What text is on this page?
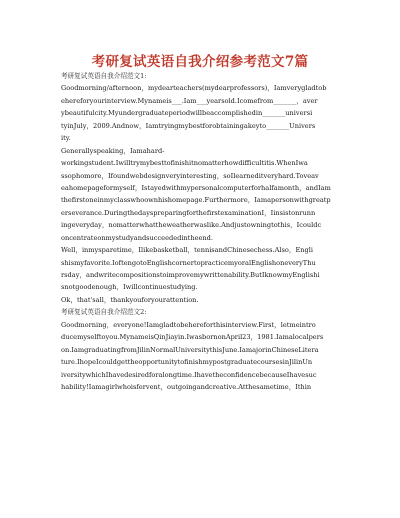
考研复试英语自我介绍参考范文7篇
考研复试英语自我介绍范文1:
Goodmorning/afternoon，mydearteachers(mydearprofessors)，Iamverygladtob
ehereforyourinterview.Mynameis___.Iam___yearsold.Icomefrom_______，aver
ybeautifulcity.Myundergraduateperiodwillbeaccomplishedin_______universi
tyinJuly，2009.Andnow，Iamtryingmybestforobtainingakeyto_______Univers
ity.
Generallyspeaking，Iamahard-
workingstudent.Iwilltrymybesttofinishitnomatterhowdifficultitis.WhenIwa
ssophomore，Ifoundwebdesignveryinteresting，soIlearneditveryhard.Toveav
eahomepageformyself，Istayedwithmypersonalcomputerforhalfamonth，andIam
thefirstoneinmyclasswhoownhishomepage.Furthermore，Iamapersonwithgreatp
erseverance.DuringthedayspreparingforthefirstexaminationI，Iinsistonrunn
ingeveryday，nomatterwhattheweatherwaslike.Andjustowningtothis，Icouldc
oncentrateonmystudyandsucceededintheend.
Well，inmysparetime，Ilikebasketball，tennisandChinesechess.Also，Engli
shismyfavorite.IoftengotoEnglishcornertopracticemyoralEnglishoneveryThu
rsday，andwritecompositionstoimprovemywrittenability.ButIknowmyEnglishi
snotgoodenough，Iwillcontinuestudying.
Ok，that'sall，thankyouforyourattention.
考研复试英语自我介绍范文2:
Goodmorning，everyone!Iamgladtobehereforthisinterview.First，letmeintro
ducemyselftoyou.MynameisQinJiayin.IwasbornonApril23，1981.Iamalocalpers
on.IamgraduatingfromJilinNormalUniversitythisJune.IamajorinChineseLitera
ture.IhopeIcouldgettheopportunitytofinishmypostgraduatecoursesinJilinUn
iversitywhichIhavedesiredforalongtime.IhavetheconfidencebecauseIhavesuc
hability!Iamagirlwhoisfervent，outgoingandcreative.Atthesametime，Ithin
